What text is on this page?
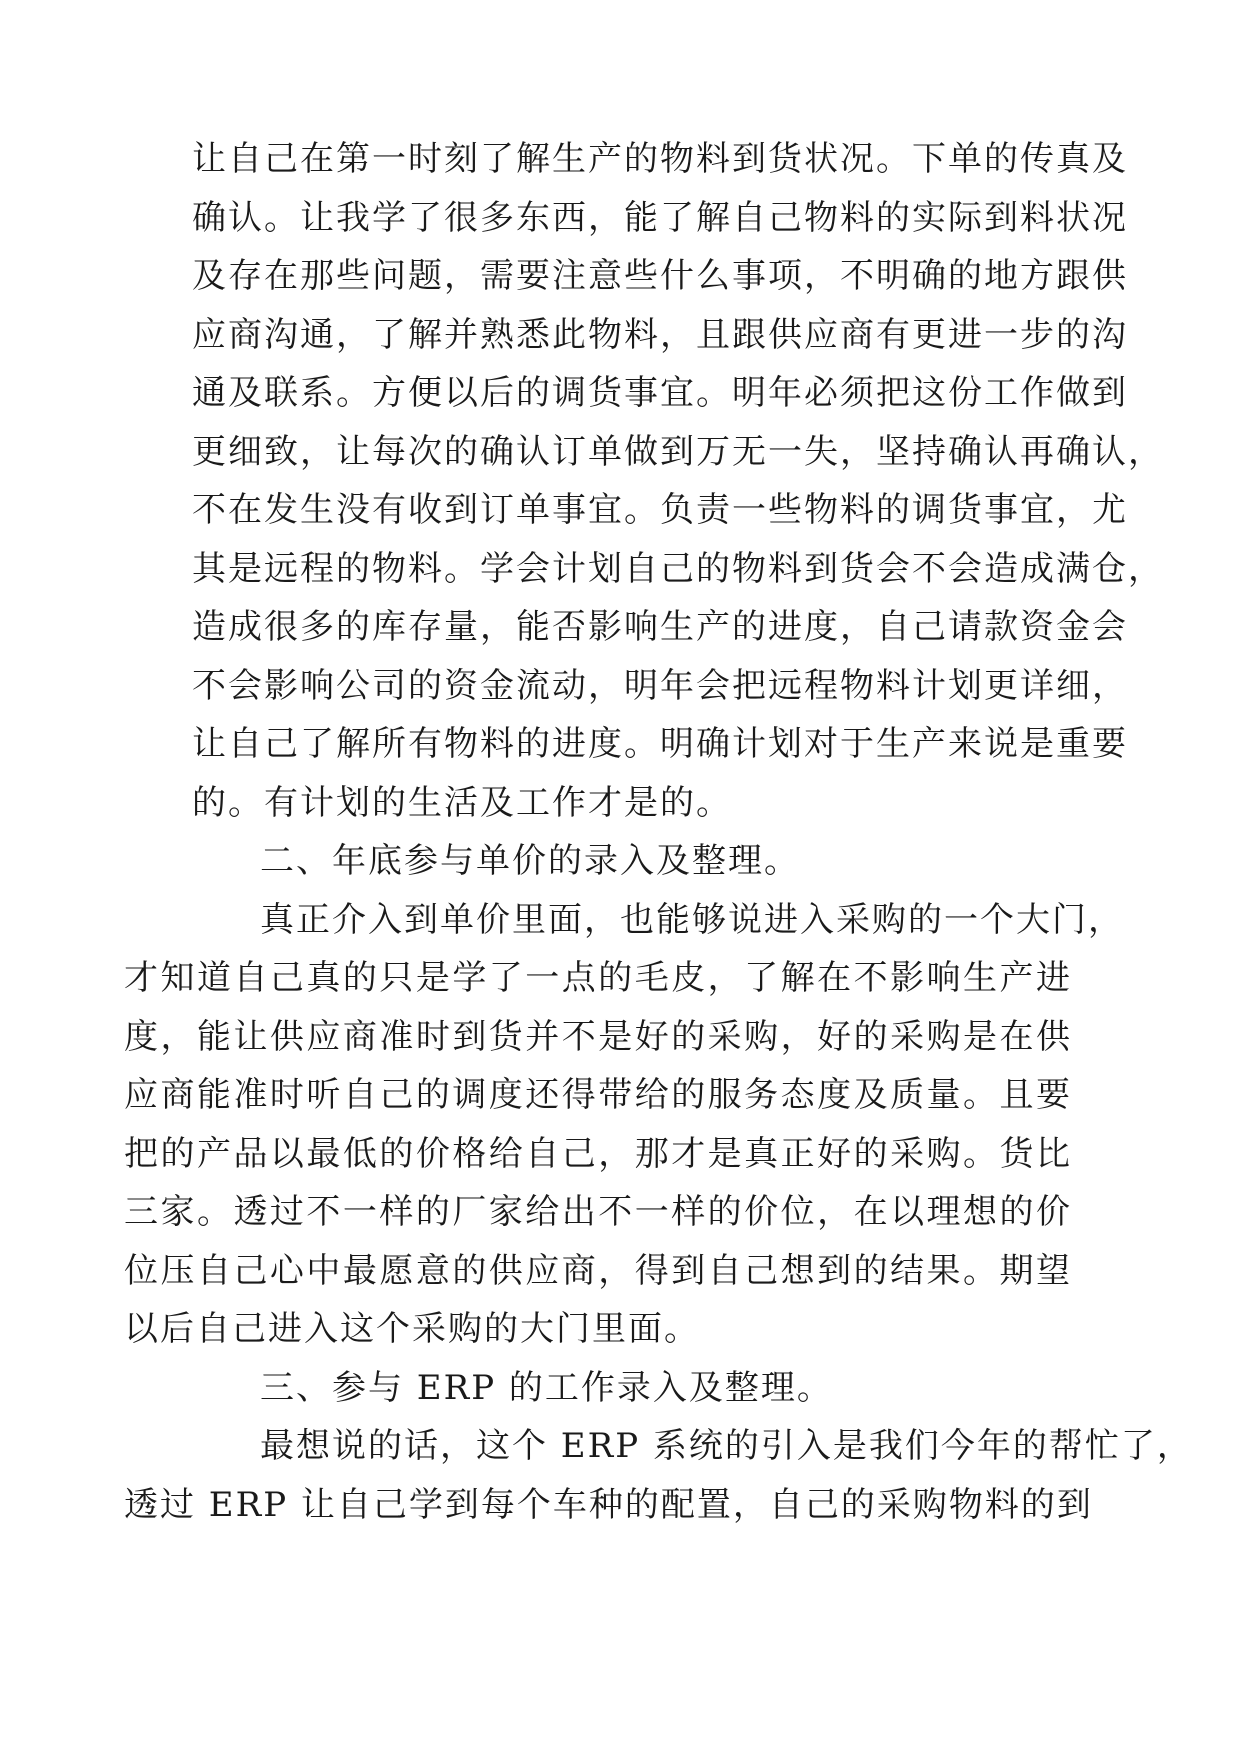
让自己在第一时刻了解生产的物料到货状况。下单的传真及
确认。让我学了很多东西，能了解自己物料的实际到料状况
及存在那些问题，需要注意些什么事项，不明确的地方跟供
应商沟通，了解并熟悉此物料，且跟供应商有更进一步的沟
通及联系。方便以后的调货事宜。明年必须把这份工作做到
更细致，让每次的确认订单做到万无一失，坚持确认再确认，
不在发生没有收到订单事宜。负责一些物料的调货事宜，尤
其是远程的物料。学会计划自己的物料到货会不会造成满仓，
造成很多的库存量，能否影响生产的进度，自己请款资金会
不会影响公司的资金流动，明年会把远程物料计划更详细，
让自己了解所有物料的进度。明确计划对于生产来说是重要
的。有计划的生活及工作才是的。

二、年底参与单价的录入及整理。

真正介入到单价里面，也能够说进入采购的一个大门，
才知道自己真的只是学了一点的毛皮，了解在不影响生产进
度，能让供应商准时到货并不是好的采购，好的采购是在供
应商能准时听自己的调度还得带给的服务态度及质量。且要
把的产品以最低的价格给自己，那才是真正好的采购。货比
三家。透过不一样的厂家给出不一样的价位，在以理想的价
位压自己心中最愿意的供应商，得到自己想到的结果。期望
以后自己进入这个采购的大门里面。

三、参与 ERP 的工作录入及整理。

最想说的话，这个 ERP 系统的引入是我们今年的帮忙了，
透过 ERP 让自己学到每个车种的配置，自己的采购物料的到
